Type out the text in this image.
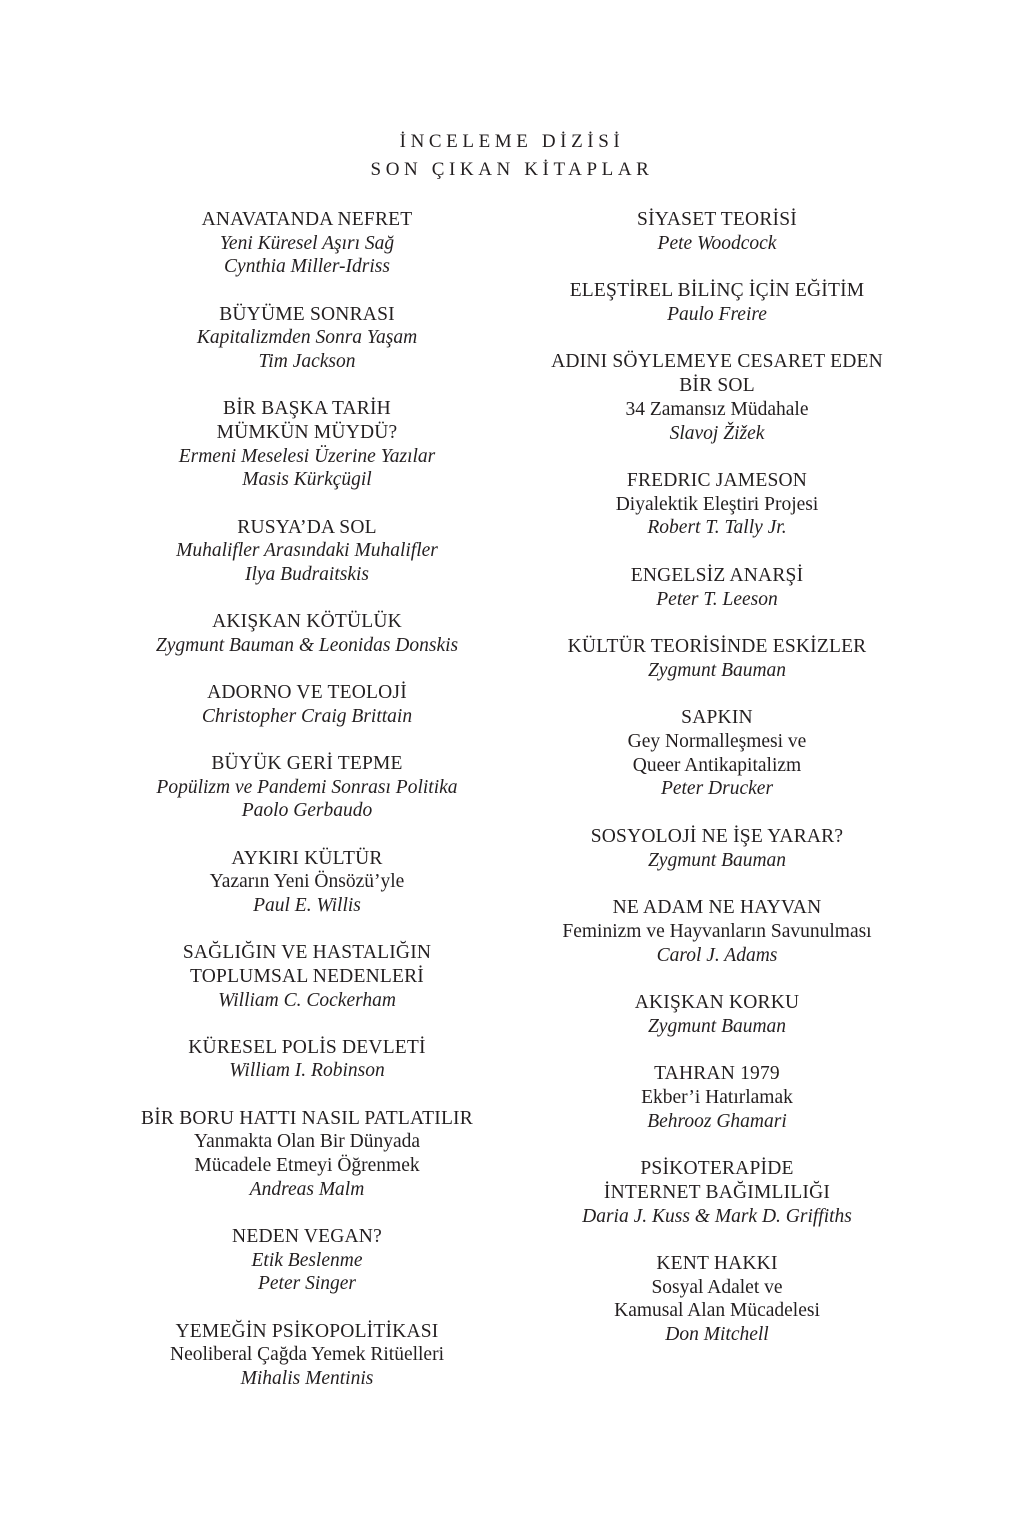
İNCELEME DİZİSİ
SON ÇIKAN KİTAPLAR
ANAVATANDA NEFRET
Yeni Küresel Aşırı Sağ
Cynthia Miller-Idriss
BÜYÜME SONRASI
Kapitalizmden Sonra Yaşam
Tim Jackson
BİR BAŞKA TARİH
MÜMKÜN MÜYDÜ?
Ermeni Meselesi Üzerine Yazılar
Masis Kürkçügil
RUSYA’DA SOL
Muhalifler Arasındaki Muhalifler
Ilya Budraitskis
AKIŞKAN KÖTÜLÜK
Zygmunt Bauman & Leonidas Donskis
ADORNO VE TEOLOJİ
Christopher Craig Brittain
BÜYÜK GERİ TEPME
Popülizm ve Pandemi Sonrası Politika
Paolo Gerbaudo
AYKIRI KÜLTÜR
Yazarın Yeni Önsözü’yle
Paul E. Willis
SAĞLIĞIN VE HASTALIĞIN
TOPLUMSAL NEDENLERİ
William C. Cockerham
KÜRESEL POLİS DEVLETİ
William I. Robinson
BİR BORU HATTI NASIL PATLATILIR
Yanmakta Olan Bir Dünyada
Mücadele Etmeyi Öğrenmek
Andreas Malm
NEDEN VEGAN?
Etik Beslenme
Peter Singer
YEMEĞİN PSİKOPOLİTİKASI
Neoliberal Çağda Yemek Ritüelleri
Mihalis Mentinis
SİYASET TEORİSİ
Pete Woodcock
ELEŞTİREL BİLİNÇ İÇİN EĞİTİM
Paulo Freire
ADINI SÖYLEMEYE CESARET EDEN
BİR SOL
34 Zamansız Müdahale
Slavoj Žižek
FREDRIC JAMESON
Diyalektik Eleştiri Projesi
Robert T. Tally Jr.
ENGELSİZ ANARŞİ
Peter T. Leeson
KÜLTÜR TEORİSİNDE ESKİZLER
Zygmunt Bauman
SAPKIN
Gey Normalleşmesi ve
Queer Antikapitalizm
Peter Drucker
SOSYOLOJİ NE İŞE YARAR?
Zygmunt Bauman
NE ADAM NE HAYVAN
Feminizm ve Hayvanların Savunulması
Carol J. Adams
AKIŞKAN KORKU
Zygmunt Bauman
TAHRAN 1979
Ekber’i Hatırlamak
Behrooz Ghamari
PSİKOTERAPİDE
İNTERNET BAĞIMLILIĞI
Daria J. Kuss & Mark D. Griffiths
KENT HAKKI
Sosyal Adalet ve
Kamusal Alan Mücadelesi
Don Mitchell
